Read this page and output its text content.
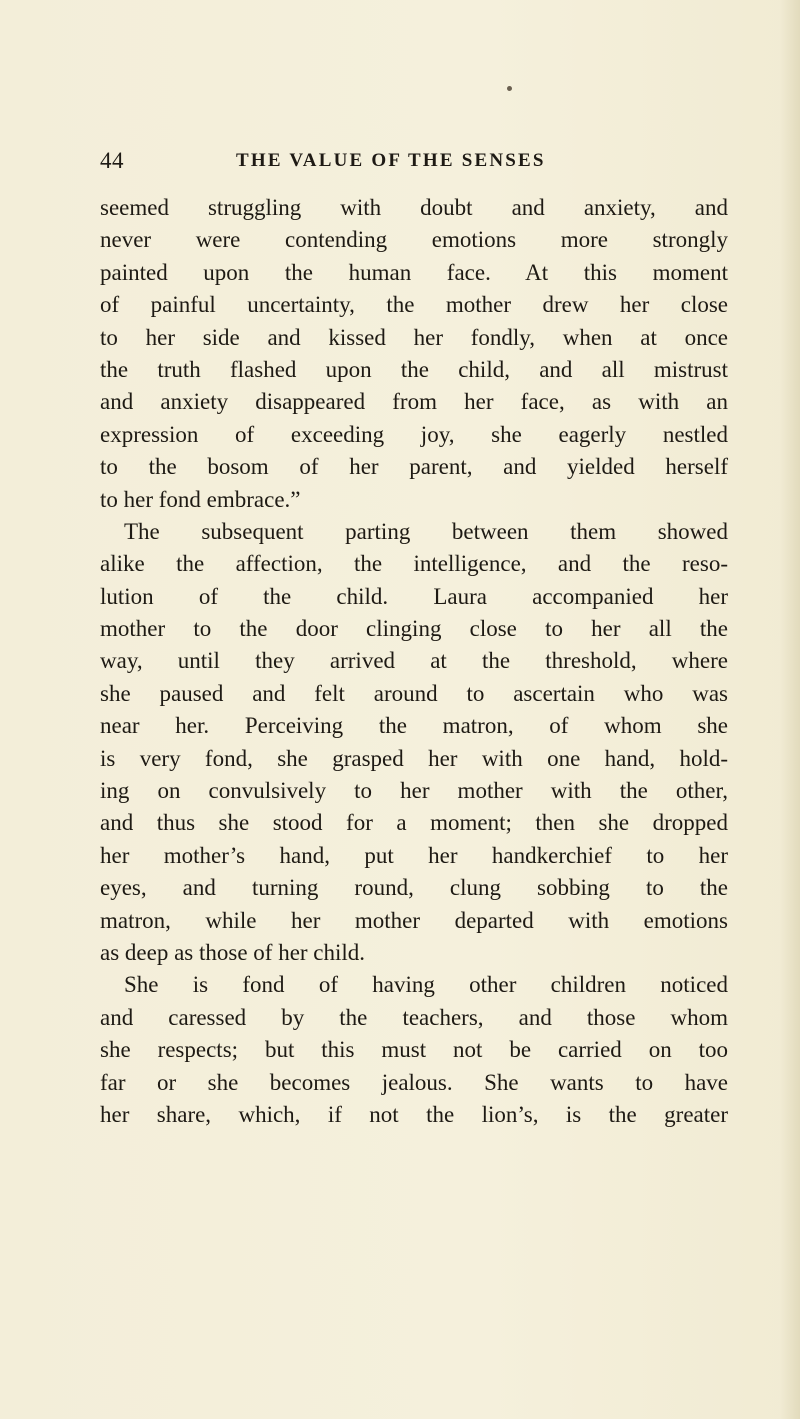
44	THE VALUE OF THE SENSES
seemed struggling with doubt and anxiety, and
never were contending emotions more strongly
painted upon the human face. At this moment
of painful uncertainty, the mother drew her close
to her side and kissed her fondly, when at once
the truth flashed upon the child, and all mistrust
and anxiety disappeared from her face, as with an
expression of exceeding joy, she eagerly nestled
to the bosom of her parent, and yielded herself
to her fond embrace.”
The subsequent parting between them showed
alike the affection, the intelligence, and the reso-
lution of the child. Laura accompanied her
mother to the door clinging close to her all the
way, until they arrived at the threshold, where
she paused and felt around to ascertain who was
near her. Perceiving the matron, of whom she
is very fond, she grasped her with one hand, hold-
ing on convulsively to her mother with the other,
and thus she stood for a moment; then she dropped
her mother’s hand, put her handkerchief to her
eyes, and turning round, clung sobbing to the
matron, while her mother departed with emotions
as deep as those of her child.
She is fond of having other children noticed
and caressed by the teachers, and those whom
she respects; but this must not be carried on too
far or she becomes jealous. She wants to have
her share, which, if not the lion’s, is the greater
